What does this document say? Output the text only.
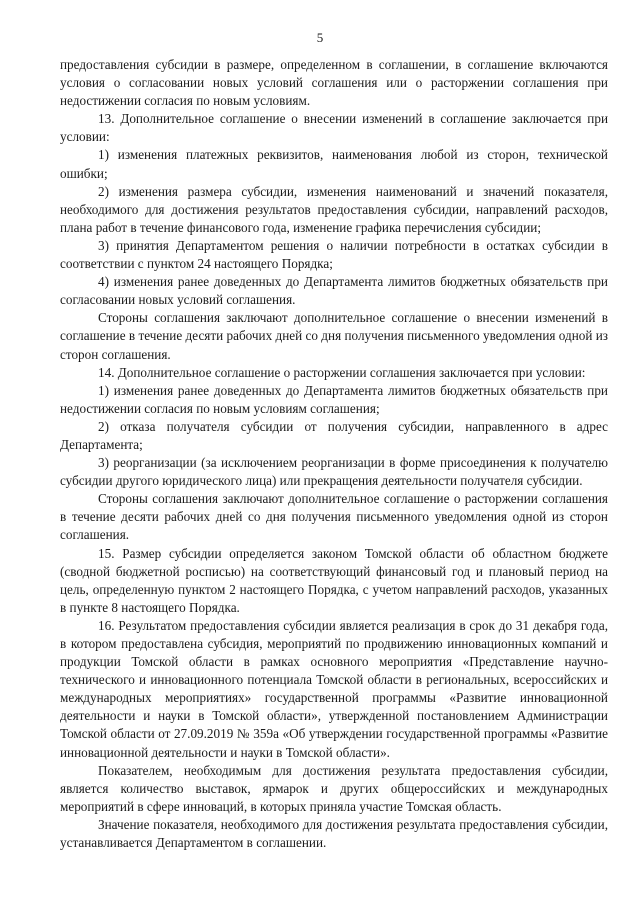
5

предоставления субсидии в размере, определенном в соглашении, в соглашение включаются условия о согласовании новых условий соглашения или о расторжении соглашения при недостижении согласия по новым условиям.

13. Дополнительное соглашение о внесении изменений в соглашение заключается при условии:

1) изменения платежных реквизитов, наименования любой из сторон, технической ошибки;

2) изменения размера субсидии, изменения наименований и значений показателя, необходимого для достижения результатов предоставления субсидии, направлений расходов, плана работ в течение финансового года, изменение графика перечисления субсидии;

3) принятия Департаментом решения о наличии потребности в остатках субсидии в соответствии с пунктом 24 настоящего Порядка;

4) изменения ранее доведенных до Департамента лимитов бюджетных обязательств при согласовании новых условий соглашения.

Стороны соглашения заключают дополнительное соглашение о внесении изменений в соглашение в течение десяти рабочих дней со дня получения письменного уведомления одной из сторон соглашения.

14. Дополнительное соглашение о расторжении соглашения заключается при условии:

1) изменения ранее доведенных до Департамента лимитов бюджетных обязательств при недостижении согласия по новым условиям соглашения;

2) отказа получателя субсидии от получения субсидии, направленного в адрес Департамента;

3) реорганизации (за исключением реорганизации в форме присоединения к получателю субсидии другого юридического лица) или прекращения деятельности получателя субсидии.

Стороны соглашения заключают дополнительное соглашение о расторжении соглашения в течение десяти рабочих дней со дня получения письменного уведомления одной из сторон соглашения.

15. Размер субсидии определяется законом Томской области об областном бюджете (сводной бюджетной росписью) на соответствующий финансовый год и плановый период на цель, определенную пунктом 2 настоящего Порядка, с учетом направлений расходов, указанных в пункте 8 настоящего Порядка.

16. Результатом предоставления субсидии является реализация в срок до 31 декабря года, в котором предоставлена субсидия, мероприятий по продвижению инновационных компаний и продукции Томской области в рамках основного мероприятия «Представление научно-технического и инновационного потенциала Томской области в региональных, всероссийских и международных мероприятиях» государственной программы «Развитие инновационной деятельности и науки в Томской области», утвержденной постановлением Администрации Томской области от 27.09.2019 № 359а «Об утверждении государственной программы «Развитие инновационной деятельности и науки в Томской области».

Показателем, необходимым для достижения результата предоставления субсидии, является количество выставок, ярмарок и других общероссийских и международных мероприятий в сфере инноваций, в которых приняла участие Томская область.

Значение показателя, необходимого для достижения результата предоставления субсидии, устанавливается Департаментом в соглашении.
